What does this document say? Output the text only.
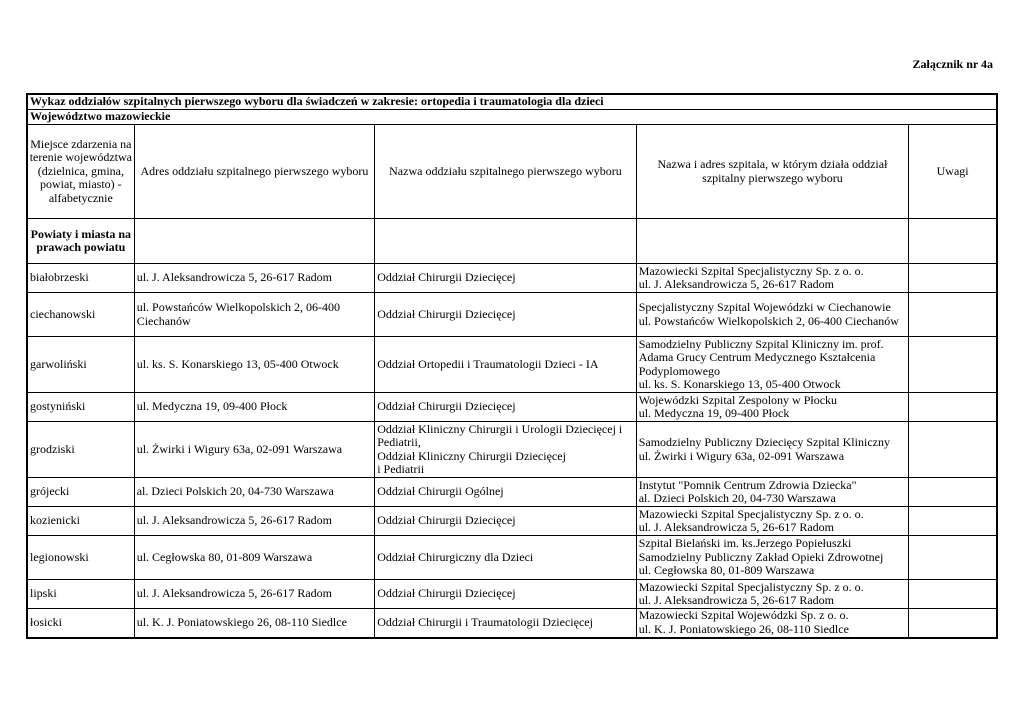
Załącznik nr 4a
Wykaz oddziałów szpitalnych pierwszego wyboru dla świadczeń w zakresie: ortopedia i traumatologia dla dzieci				
Województwo mazowieckie				
Miejsce zdarzenia na terenie województwa (dzielnica, gmina, powiat, miasto) - alfabetycznie	Adres oddziału szpitalnego pierwszego wyboru	Nazwa oddziału szpitalnego pierwszego wyboru	Nazwa i adres szpitala, w którym działa oddział szpitalny pierwszego wyboru	Uwagi
Powiaty i miasta na prawach powiatu				
białobrzeski	ul. J. Aleksandrowicza 5, 26-617 Radom	Oddział Chirurgii Dziecięcej	Mazowiecki Szpital Specjalistyczny Sp. z o. o.
ul. J. Aleksandrowicza 5, 26-617 Radom	
ciechanowski	ul. Powstańców Wielkopolskich 2, 06-400 Ciechanów	Oddział Chirurgii Dziecięcej	Specjalistyczny Szpital Wojewódzki w Ciechanowie
ul. Powstańców Wielkopolskich 2, 06-400 Ciechanów	
garwoliński	ul. ks. S. Konarskiego 13, 05-400 Otwock	Oddział Ortopedii i Traumatologii Dzieci - IA	Samodzielny Publiczny Szpital Kliniczny im. prof. Adama Grucy Centrum Medycznego Kształcenia Podyplomowego
ul. ks. S. Konarskiego 13, 05-400 Otwock	
gostyniński	ul. Medyczna 19, 09-400 Płock	Oddział Chirurgii Dziecięcej	Wojewódzki Szpital Zespolony w Płocku
ul. Medyczna 19, 09-400 Płock	
grodziski	ul. Żwirki i Wigury 63a, 02-091 Warszawa	Oddział Kliniczny Chirurgii i Urologii Dziecięcej i Pediatrii,
Oddział Kliniczny Chirurgii Dziecięcej
i Pediatrii	Samodzielny Publiczny Dziecięcy Szpital Kliniczny
ul. Żwirki i Wigury 63a, 02-091 Warszawa	
grójecki	al. Dzieci Polskich 20, 04-730 Warszawa	Oddział Chirurgii Ogólnej	Instytut "Pomnik Centrum Zdrowia Dziecka"
al. Dzieci Polskich 20, 04-730 Warszawa	
kozienicki	ul. J. Aleksandrowicza 5, 26-617 Radom	Oddział Chirurgii Dziecięcej	Mazowiecki Szpital Specjalistyczny Sp. z o. o.
ul. J. Aleksandrowicza 5, 26-617 Radom	
legionowski	ul. Cegłowska 80, 01-809 Warszawa	Oddział Chirurgiczny dla Dzieci	Szpital Bielański im. ks.Jerzego Popiełuszki
Samodzielny Publiczny Zakład Opieki Zdrowotnej
ul. Cegłowska 80, 01-809 Warszawa	
lipski	ul. J. Aleksandrowicza 5, 26-617 Radom	Oddział Chirurgii Dziecięcej	Mazowiecki Szpital Specjalistyczny Sp. z o. o.
ul. J. Aleksandrowicza 5, 26-617 Radom	
łosicki	ul. K. J. Poniatowskiego 26, 08-110 Siedlce	Oddział Chirurgii i Traumatologii Dziecięcej	Mazowiecki Szpital Wojewódzki Sp. z o. o.
ul. K. J. Poniatowskiego 26, 08-110 Siedlce	
